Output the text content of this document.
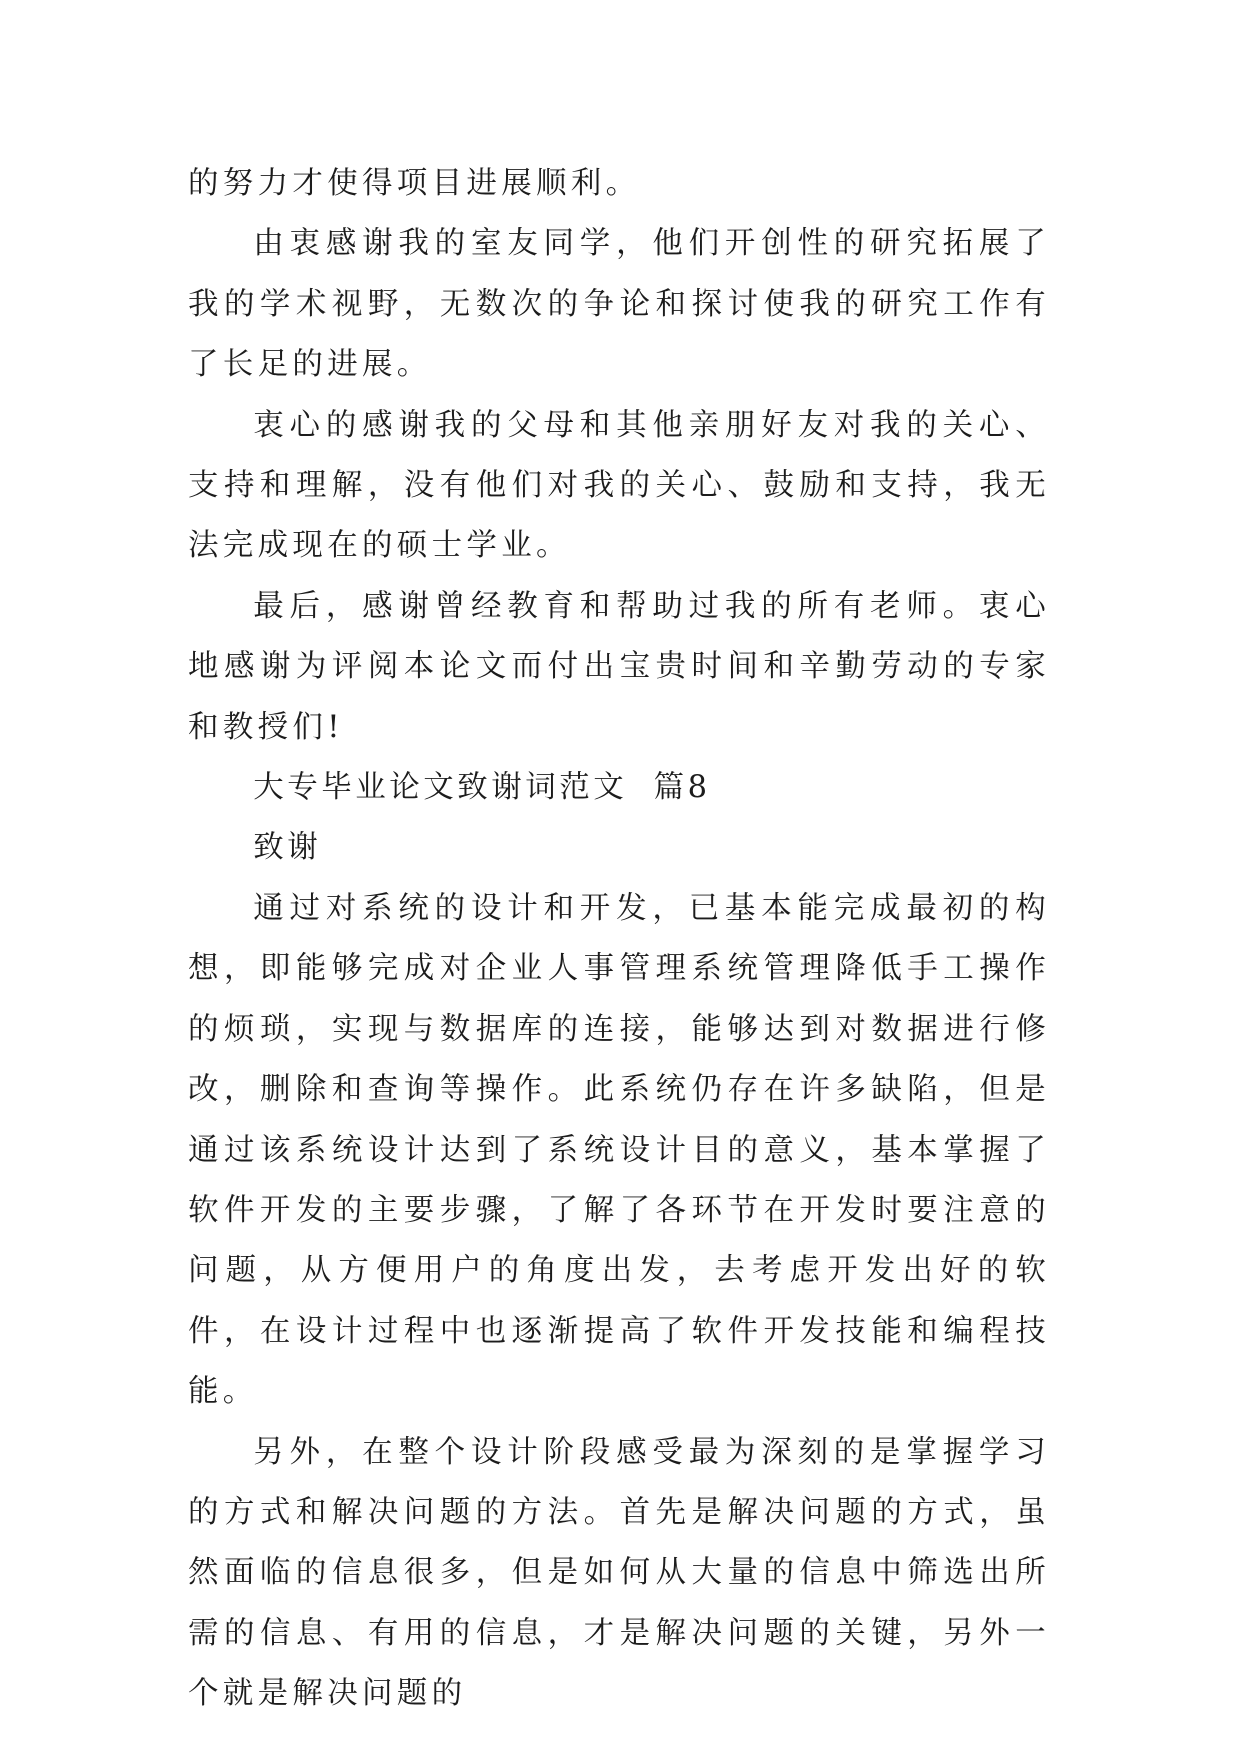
的努力才使得项目进展顺利。

由衷感谢我的室友同学，他们开创性的研究拓展了我的学术视野，无数次的争论和探讨使我的研究工作有了长足的进展。

衷心的感谢我的父母和其他亲朋好友对我的关心、支持和理解，没有他们对我的关心、鼓励和支持，我无法完成现在的硕士学业。

最后，感谢曾经教育和帮助过我的所有老师。衷心地感谢为评阅本论文而付出宝贵时间和辛勤劳动的专家和教授们!

大专毕业论文致谢词范文  篇8

致谢

通过对系统的设计和开发，已基本能完成最初的构想，即能够完成对企业人事管理系统管理降低手工操作的烦琐，实现与数据库的连接，能够达到对数据进行修改，删除和查询等操作。此系统仍存在许多缺陷，但是通过该系统设计达到了系统设计目的意义，基本掌握了软件开发的主要步骤，了解了各环节在开发时要注意的问题，从方便用户的角度出发，去考虑开发出好的软件，在设计过程中也逐渐提高了软件开发技能和编程技能。

另外，在整个设计阶段感受最为深刻的是掌握学习的方式和解决问题的方法。首先是解决问题的方式，虽然面临的信息很多，但是如何从大量的信息中筛选出所需的信息、有用的信息，才是解决问题的关键，另外一个就是解决问题的
